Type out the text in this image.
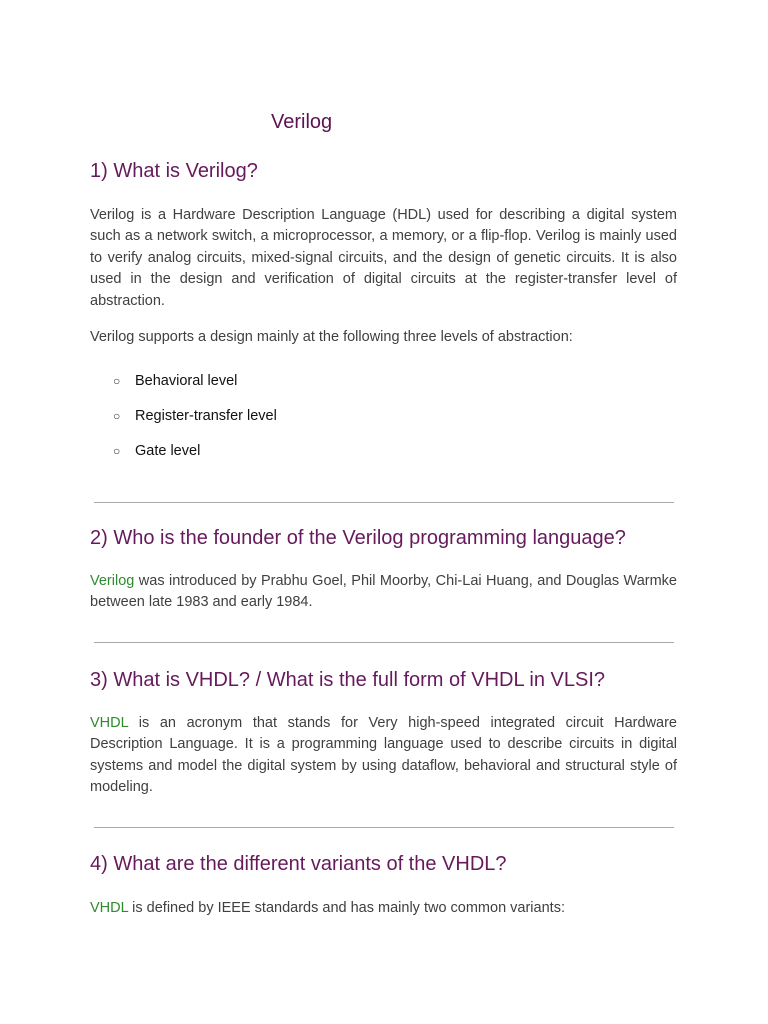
Verilog
1) What is Verilog?

Verilog is a Hardware Description Language (HDL) used for describing a digital system such as a network switch, a microprocessor, a memory, or a flip-flop. Verilog is mainly used to verify analog circuits, mixed-signal circuits, and the design of genetic circuits. It is also used in the design and verification of digital circuits at the register-transfer level of abstraction.

Verilog supports a design mainly at the following three levels of abstraction:

○ Behavioral level
○ Register-transfer level
○ Gate level
2) Who is the founder of the Verilog programming language?

Verilog was introduced by Prabhu Goel, Phil Moorby, Chi-Lai Huang, and Douglas Warmke between late 1983 and early 1984.

3) What is VHDL? / What is the full form of VHDL in VLSI?

VHDL is an acronym that stands for Very high-speed integrated circuit Hardware Description Language. It is a programming language used to describe circuits in digital systems and model the digital system by using dataflow, behavioral and structural style of modeling.

4) What are the different variants of the VHDL?

VHDL is defined by IEEE standards and has mainly two common variants:
